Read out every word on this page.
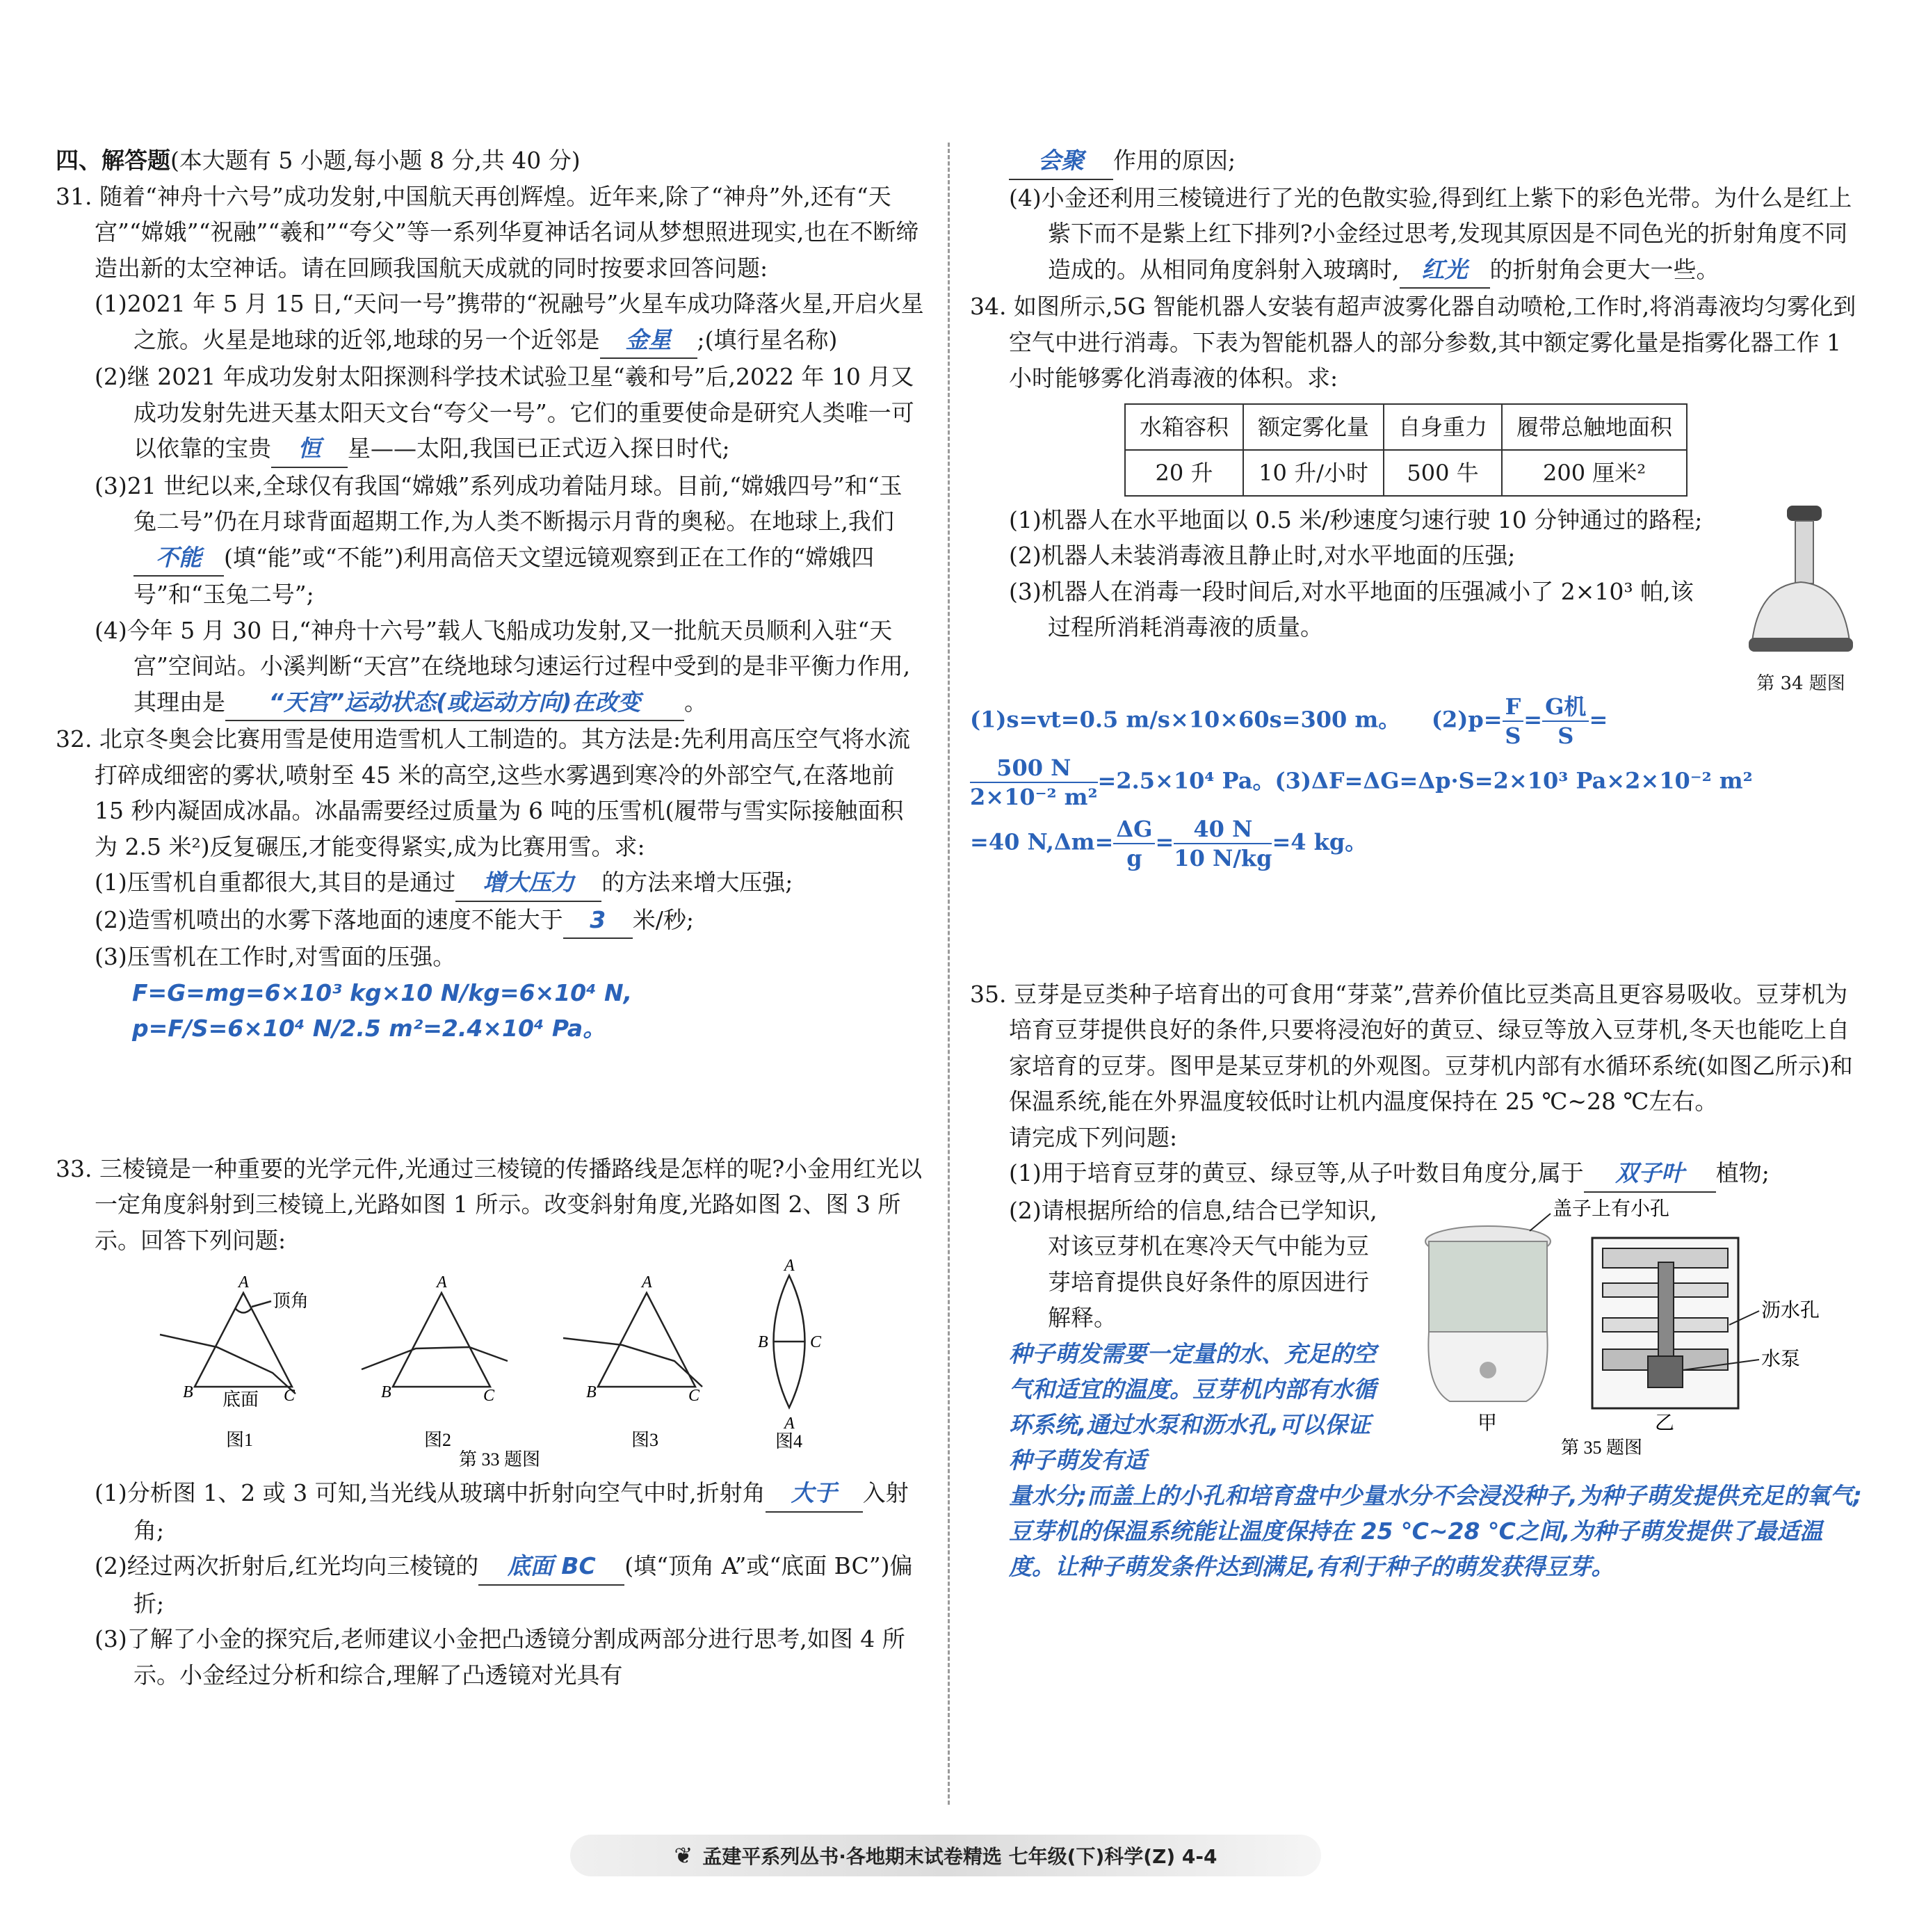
四、解答题(本大题有 5 小题,每小题 8 分,共 40 分)

31. 随着“神舟十六号”成功发射,中国航天再创辉煌。近年来,除了“神舟”外,还有“天宫”“嫦娥”“祝融”“羲和”“夸父”等一系列华夏神话名词从梦想照进现实,也在不断缔造出新的太空神话。请在回顾我国航天成就的同时按要求回答问题:

(1)2021 年 5 月 15 日,“天问一号”携带的“祝融号”火星车成功降落火星,开启火星之旅。火星是地球的近邻,地球的另一个近邻是 金星 ;(填行星名称)

(2)继 2021 年成功发射太阳探测科学技术试验卫星“羲和号”后,2022 年 10 月又成功发射先进天基太阳天文台“夸父一号”。它们的重要使命是研究人类唯一可以依靠的宝贵 恒 星——太阳,我国已正式迈入探日时代;

(3)21 世纪以来,全球仅有我国“嫦娥”系列成功着陆月球。目前,“嫦娥四号”和“玉兔二号”仍在月球背面超期工作,为人类不断揭示月背的奥秘。在地球上,我们不能 (填“能”或“不能”)利用高倍天文望远镜观察到正在工作的“嫦娥四号”和“玉兔二号”;

(4)今年 5 月 30 日,“神舟十六号”载人飞船成功发射,又一批航天员顺利入驻“天宫”空间站。小溪判断“天宫”在绕地球匀速运行过程中受到的是非平衡力作用,其理由是 “天宫”运动状态(或运动方向)在改变 。

32. 北京冬奥会比赛用雪是使用造雪机人工制造的。其方法是:先利用高压空气将水流打碎成细密的雾状,喷射至 45 米的高空,这些水雾遇到寒冷的外部空气,在落地前 15 秒内凝固成冰晶。冰晶需要经过质量为 6 吨的压雪机(履带与雪实际接触面积为 2.5 米²)反复碾压,才能变得紧实,成为比赛用雪。求:

(1)压雪机自重都很大,其目的是通过 增大压力 的方法来增大压强;

(2)造雪机喷出的水雾下落地面的速度不能大于 3 米/秒;

(3)压雪机在工作时,对雪面的压强。

F=G=mg=6×10³ kg×10 N/kg=6×10⁴ N,

p=F/S=6×10⁴ N/2.5 m²=2.4×10⁴ Pa。

33. 三棱镜是一种重要的光学元件,光通过三棱镜的传播路线是怎样的呢?小金用红光以一定角度斜射到三棱镜上,光路如图 1 所示。改变斜射角度,光路如图 2、图 3 所示。回答下列问题:

A
顶角
B	C
底面
图1
A
B	C
图2
A
B	C
图3
A
B	C
A
图4
第 33 题图

(1)分析图 1、2 或 3 可知,当光线从玻璃中折射向空气中时,折射角 大于 入射角;

(2)经过两次折射后,红光均向三棱镜的 底面 BC (填“顶角 A”或“底面 BC”)偏折;

(3)了解了小金的探究后,老师建议小金把凸透镜分割成两部分进行思考,如图 4 所示。小金经过分析和综合,理解了凸透镜对光具有

会聚 作用的原因;

(4)小金还利用三棱镜进行了光的色散实验,得到红上紫下的彩色光带。为什么是红上紫下而不是紫上红下排列?小金经过思考,发现其原因是不同色光的折射角度不同造成的。从相同角度斜射入玻璃时, 红光 的折射角会更大一些。

34. 如图所示,5G 智能机器人安装有超声波雾化器自动喷枪,工作时,将消毒液均匀雾化到空气中进行消毒。下表为智能机器人的部分参数,其中额定雾化量是指雾化器工作 1 小时能够雾化消毒液的体积。求:

水箱容积	额定雾化量	自身重力	履带总触地面积
20 升	10 升/小时	500 牛	200 厘米²

(1)机器人在水平地面以 0.5 米/秒速度匀速行驶 10 分钟通过的路程;

(2)机器人未装消毒液且静止时,对水平地面的压强;

(3)机器人在消毒一段时间后,对水平地面的压强减小了 2×10³ 帕,该过程所消耗消毒液的质量。

第 34 题图
(1)s=vt=0.5 m/s×10×60s=300 m。 $(2)p= \frac{F}{S} = G$机
S
=
$\frac{500 N}{\text{2×10⁻² m²}} =2.5\times 10^4$ Pa。(3)ΔF=ΔG=Δp·S=2×10³ Pa×2×10⁻² m²
=40 $N,\Delta m= \frac{\Delta G}{g} = \frac{40 N}{10 N/kg} =4$ kg。

35. 豆芽是豆类种子培育出的可食用“芽菜”,营养价值比豆类高且更容易吸收。豆芽机为培育豆芽提供良好的条件,只要将浸泡好的黄豆、绿豆等放入豆芽机,冬天也能吃上自家培育的豆芽。图甲是某豆芽机的外观图。豆芽机内部有水循环系统(如图乙所示)和保温系统,能在外界温度较低时让机内温度保持在 25 ℃~28 ℃左右。

请完成下列问题:

(1)用于培育豆芽的黄豆、绿豆等,从子叶数目角度分,属于 双子叶 植物;

(2)请根据所给的信息,结合已学知识,对该豆芽机在寒冷天气中能为豆芽培育提供良好条件的原因进行解释。

种子萌发需要一定量的水、充足的空气和适宜的温度。豆芽机内部有水循环系统,通过水泵和沥水孔,可以保证种子萌发有适

盖子上有小孔
沥水孔
水泵
甲	乙
第 35 题图

量水分;而盖上的小孔和培育盘中少量水分不会浸没种子,为种子萌发提供充足的氧气;豆芽机的保温系统能让温度保持在 25 ℃~28 ℃之间,为种子萌发提供了最适温度。让种子萌发条件达到满足,有利于种子的萌发获得豆芽。

❦ 孟建平系列丛书·各地期末试卷精选 七年级(下)科学(Z) 4-4
